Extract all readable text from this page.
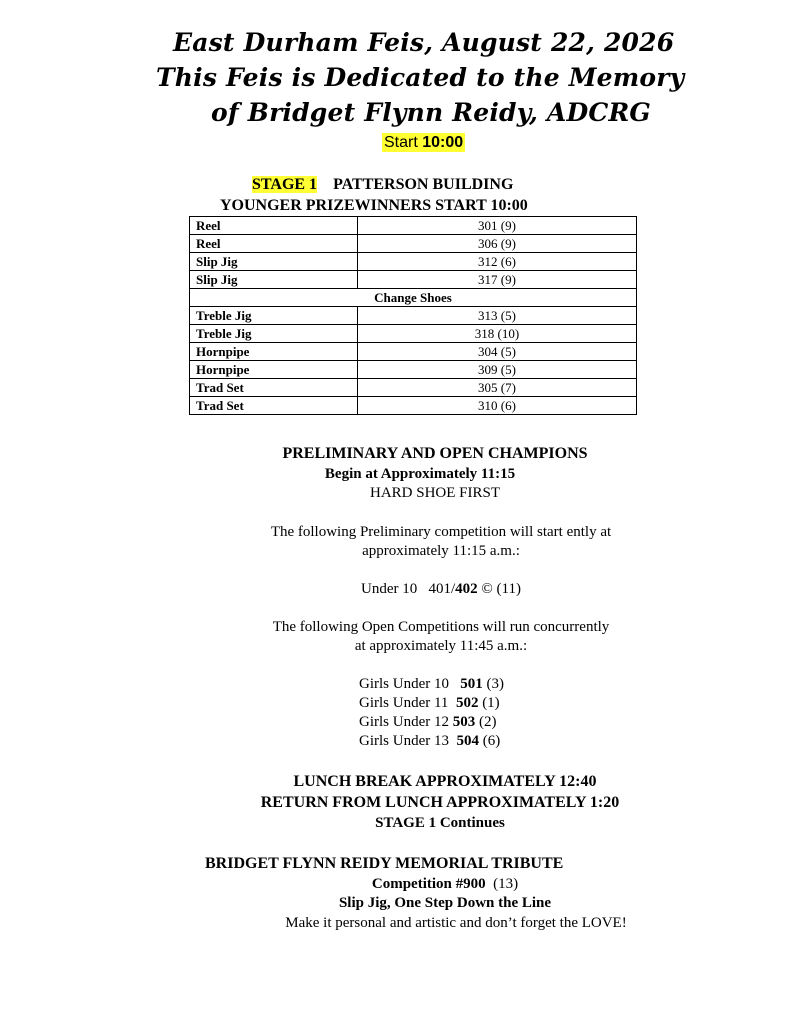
East Durham Feis, August 22, 2026
This Feis is Dedicated to the Memory
of Bridget Flynn Reidy, ADCRG
Start 10:00
STAGE 1 PATTERSON BUILDING
YOUNGER PRIZEWINNERS START 10:00
Reel	301 (9)
Reel	306 (9)
Slip Jig	312 (6)
Slip Jig	317 (9)
Change Shoes	
Treble Jig	313 (5)
Treble Jig	318 (10)
Hornpipe	304 (5)
Hornpipe	309 (5)
Trad Set	305 (7)
Trad Set	310 (6)
PRELIMINARY AND OPEN CHAMPIONS
Begin at Approximately 11:15
HARD SHOE FIRST
The following Preliminary competition will start ently at
approximately 11:15 a.m.:
Under 10 401/402 © (11)
The following Open Competitions will run concurrently
at approximately 11:45 a.m.:
Girls Under 10 501 (3)
Girls Under 11 502 (1)
Girls Under 12 503 (2)
Girls Under 13 504 (6)
LUNCH BREAK APPROXIMATELY 12:40
RETURN FROM LUNCH APPROXIMATELY 1:20
STAGE 1 Continues
BRIDGET FLYNN REIDY MEMORIAL TRIBUTE
Competition #900 (13)
Slip Jig, One Step Down the Line
Make it personal and artistic and don’t forget the LOVE!
